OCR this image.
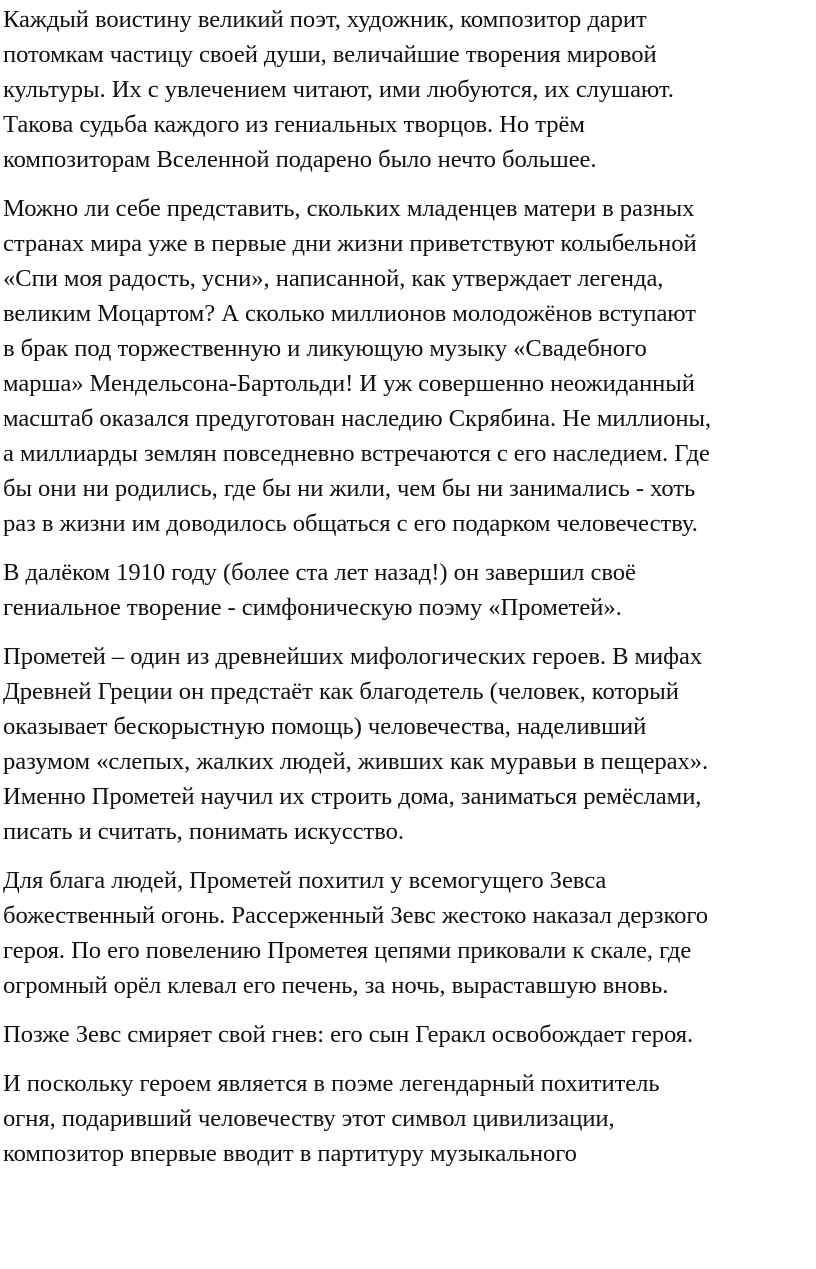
Каждый воистину великий поэт, художник, композитор дарит
потомкам частицу своей души, величайшие творения мировой
культуры. Их с увлечением читают, ими любуются, их слушают.
Такова судьба каждого из гениальных творцов. Но трём
композиторам Вселенной подарено было нечто большее.

Можно ли себе представить, скольких младенцев матери в разных
странах мира уже в первые дни жизни приветствуют колыбельной
«Спи моя радость, усни», написанной, как утверждает легенда,
великим Моцартом? А сколько миллионов молодожёнов вступают
в брак под торжественную и ликующую музыку «Свадебного
марша» Мендельсона-Бартольди! И уж совершенно неожиданный
масштаб оказался предуготован наследию Скрябина. Не миллионы,
а миллиарды землян повседневно встречаются с его наследием. Где
бы они ни родились, где бы ни жили, чем бы ни занимались - хоть
раз в жизни им доводилось общаться с его подарком человечеству.

В далёком 1910 году (более ста лет назад!) он завершил своё
гениальное творение - симфоническую поэму «Прометей».

Прометей – один из древнейших мифологических героев. В мифах
Древней Греции он предстаёт как благодетель (человек, который
оказывает бескорыстную помощь) человечества, наделивший
разумом «слепых, жалких людей, живших как муравьи в пещерах».
Именно Прометей научил их строить дома, заниматься ремёслами,
писать и считать, понимать искусство.

Для блага людей, Прометей похитил у всемогущего Зевса
божественный огонь. Рассерженный Зевс жестоко наказал дерзкого
героя. По его повелению Прометея цепями приковали к скале, где
огромный орёл клевал его печень, за ночь, выраставшую вновь.

Позже Зевс смиряет свой гнев: его сын Геракл освобождает героя.

И поскольку героем является в поэме легендарный похититель
огня, подаривший человечеству этот символ цивилизации,
композитор впервые вводит в партитуру музыкального
